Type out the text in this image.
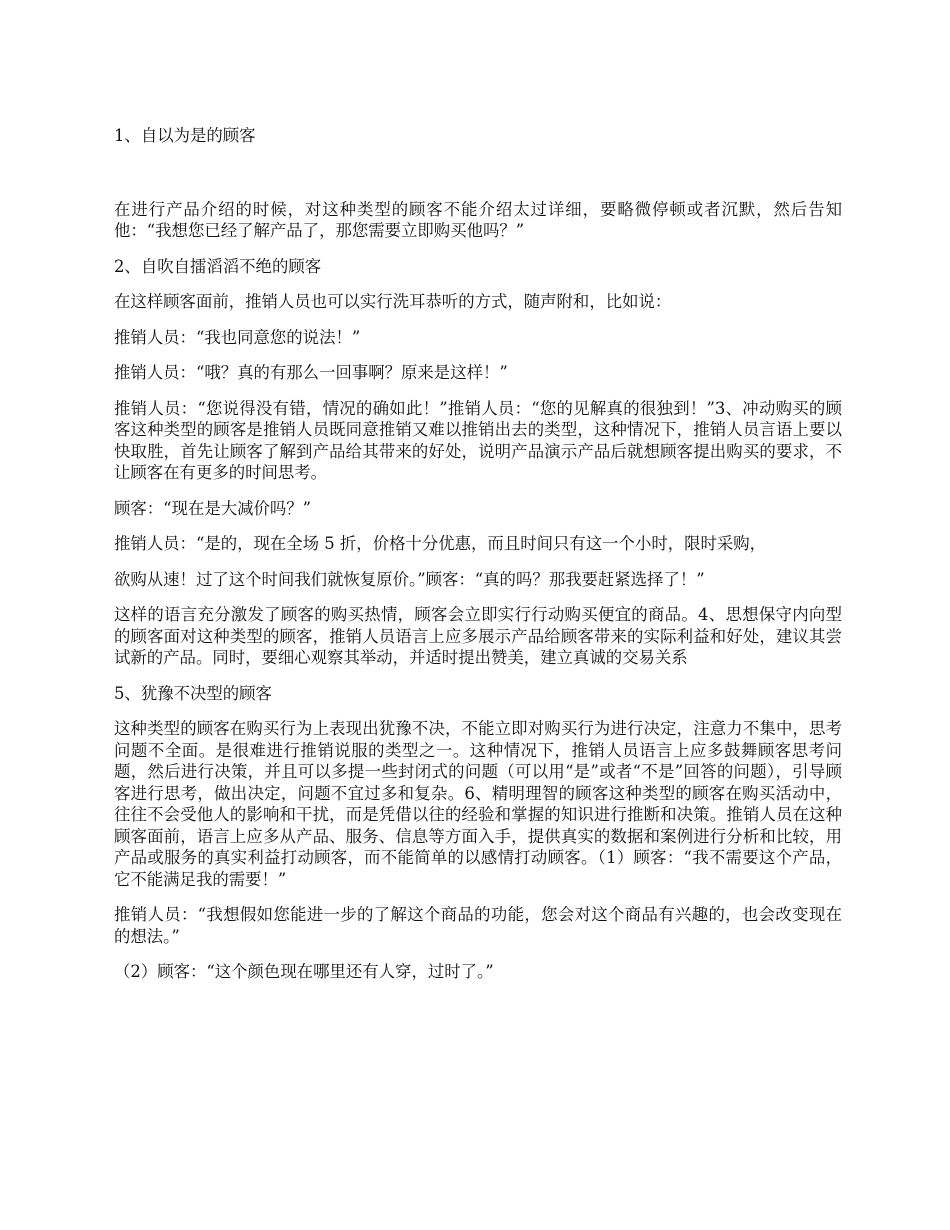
1、自以为是的顾客

在进行产品介绍的时候，对这种类型的顾客不能介绍太过详细，要略微停顿或者沉默，然后告知他：“我想您已经了解产品了，那您需要立即购买他吗？”

2、自吹自擂滔滔不绝的顾客

在这样顾客面前，推销人员也可以实行洗耳恭听的方式，随声附和，比如说：

推销人员：“我也同意您的说法！”

推销人员：“哦？真的有那么一回事啊？原来是这样！”

推销人员：“您说得没有错，情况的确如此！”推销人员：“您的见解真的很独到！”3、冲动购买的顾客这种类型的顾客是推销人员既同意推销又难以推销出去的类型，这种情况下，推销人员言语上要以快取胜，首先让顾客了解到产品给其带来的好处，说明产品演示产品后就想顾客提出购买的要求，不让顾客在有更多的时间思考。

顾客：“现在是大减价吗？”

推销人员：“是的，现在全场 5 折，价格十分优惠，而且时间只有这一个小时，限时采购，

欲购从速！过了这个时间我们就恢复原价。”顾客：“真的吗？那我要赶紧选择了！”

这样的语言充分激发了顾客的购买热情，顾客会立即实行行动购买便宜的商品。4、思想保守内向型的顾客面对这种类型的顾客，推销人员语言上应多展示产品给顾客带来的实际利益和好处，建议其尝试新的产品。同时，要细心观察其举动，并适时提出赞美，建立真诚的交易关系

5、犹豫不决型的顾客

这种类型的顾客在购买行为上表现出犹豫不决，不能立即对购买行为进行决定，注意力不集中，思考问题不全面。是很难进行推销说服的类型之一。这种情况下，推销人员语言上应多鼓舞顾客思考问题，然后进行决策，并且可以多提一些封闭式的问题（可以用“是”或者“不是”回答的问题），引导顾客进行思考，做出决定，问题不宜过多和复杂。6、精明理智的顾客这种类型的顾客在购买活动中，往往不会受他人的影响和干扰，而是凭借以往的经验和掌握的知识进行推断和决策。推销人员在这种顾客面前，语言上应多从产品、服务、信息等方面入手，提供真实的数据和案例进行分析和比较，用产品或服务的真实利益打动顾客，而不能简单的以感情打动顾客。（1）顾客：“我不需要这个产品，它不能满足我的需要！”

推销人员：“我想假如您能进一步的了解这个商品的功能，您会对这个商品有兴趣的，也会改变现在的想法。”

（2）顾客：“这个颜色现在哪里还有人穿，过时了。”
